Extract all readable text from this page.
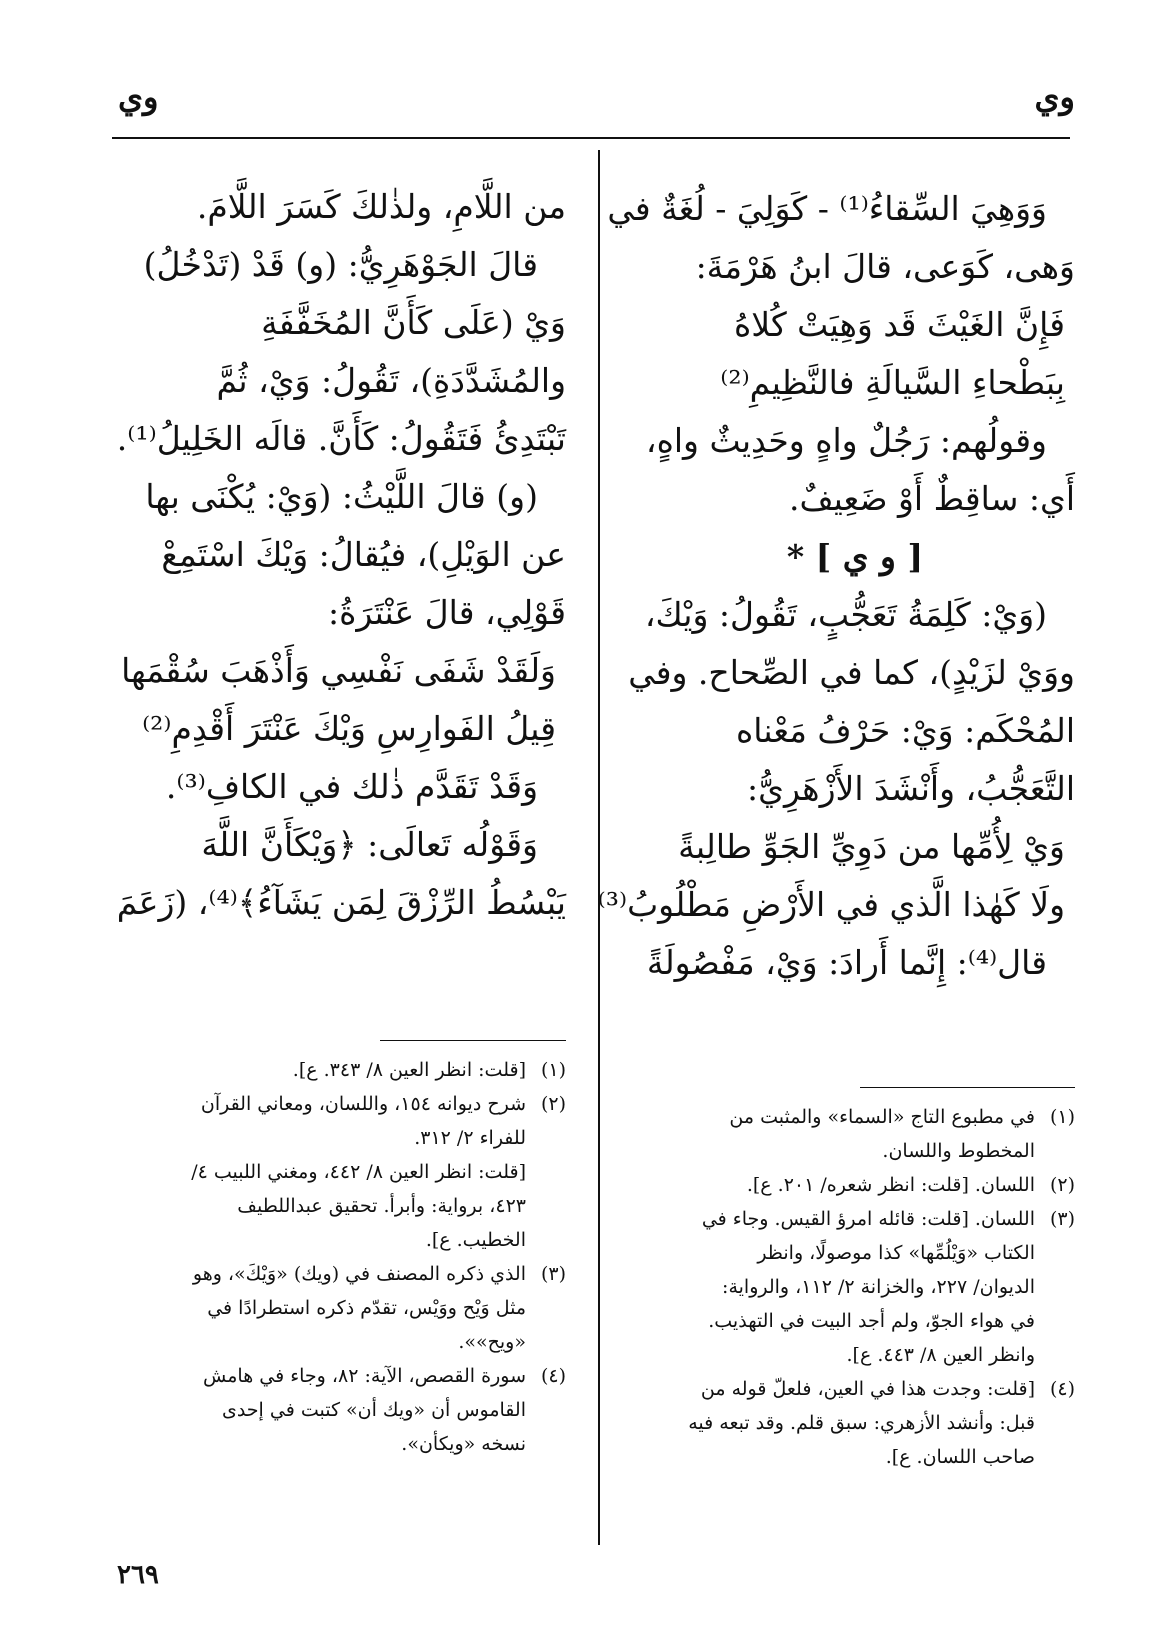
وي
وي
وَوَهِيَ السِّقاءُ⁽¹⁾ - كَوَلِيَ - لُغَةٌ في
وَهى، كَوَعى، قالَ ابنُ هَرْمَةَ:
فَإِنَّ الغَيْثَ قَد وَهِيَتْ كُلاهُ
بِبَطْحاءِ السَّيالَةِ فالنَّظِيمِ⁽²⁾
وقولُهم: رَجُلٌ واهٍ وحَدِيثٌ واهٍ،
أَي: ساقِطٌ أَوْ ضَعِيفٌ.
[ و ي ] *
(وَيْ: كَلِمَةُ تَعَجُّبٍ، تَقُولُ: وَيْكَ،
ووَيْ لزَيْدٍ)، كما في الصِّحاح. وفي
المُحْكَم: وَيْ: حَرْفُ مَعْناه
التَّعَجُّبُ، وأَنْشَدَ الأَزْهَرِيُّ:
وَيْ لِأُمِّها من دَوِيِّ الجَوِّ طالِبةً
ولَا كَهٰذا الَّذي في الأَرْضِ مَطْلُوبُ⁽³⁾
قال⁽⁴⁾: إِنَّما أَرادَ: وَيْ، مَفْصُولَةً
من اللَّامِ، ولذٰلكَ كَسَرَ اللَّامَ.
قالَ الجَوْهَرِيُّ: (و) قَدْ (تَدْخُلُ)
وَيْ (عَلَى كَأَنَّ المُخَفَّفَةِ
والمُشَدَّدَةِ)، تَقُولُ: وَيْ، ثُمَّ
تَبْتَدِئُ فَتَقُولُ: كَأَنَّ. قالَه الخَلِيلُ⁽¹⁾.
(و) قالَ اللَّيْثُ: (وَيْ: يُكْنَى بها
عن الوَيْلِ)، فيُقالُ: وَيْكَ اسْتَمِعْ
قَوْلِي، قالَ عَنْتَرَةُ:
وَلَقَدْ شَفَى نَفْسِي وَأَذْهَبَ سُقْمَها
قِيلُ الفَوارِسِ وَيْكَ عَنْتَرَ أَقْدِمِ⁽²⁾
وَقَدْ تَقَدَّم ذٰلك في الكافِ⁽³⁾.
وَقَوْلُه تَعالَى: ﴿وَيْكَأَنَّ اللَّهَ
يَبْسُطُ الرِّزْقَ لِمَن يَشَآءُ﴾⁽⁴⁾، (زَعَمَ
(١)
في مطبوع التاج «السماء» والمثبت من
المخطوط واللسان.
(٢)
اللسان. [قلت: انظر شعره/ ٢٠١. ع].
(٣)
اللسان. [قلت: قائله امرؤ القيس. وجاء في
الكتاب «وَيْلُمِّها» كذا موصولًا، وانظر
الديوان/ ٢٢٧، والخزانة ٢/ ١١٢، والرواية:
في هواء الجوّ، ولم أجد البيت في التهذيب.
وانظر العين ٨/ ٤٤٣. ع].
(٤)
[قلت: وجدت هذا في العين، فلعلّ قوله من
قبل: وأنشد الأزهري: سبق قلم. وقد تبعه فيه
صاحب اللسان. ع].
(١)
[قلت: انظر العين ٨/ ٣٤٣. ع].
(٢)
شرح ديوانه ١٥٤، واللسان، ومعاني القرآن
للفراء ٢/ ٣١٢.
[قلت: انظر العين ٨/ ٤٤٢، ومغني اللبيب ٤/
٤٢٣، برواية: وأبرأ. تحقيق عبداللطيف
الخطيب. ع].
(٣)
الذي ذكره المصنف في (ويك) «وَيْكَ»، وهو
مثل وَيْح ووَيْس، تقدّم ذكره استطرادًا في
«ويح»».
(٤)
سورة القصص، الآية: ٨٢، وجاء في هامش
القاموس أن «ويك أن» كتبت في إحدى
نسخه «ويكأن».
٢٦٩
